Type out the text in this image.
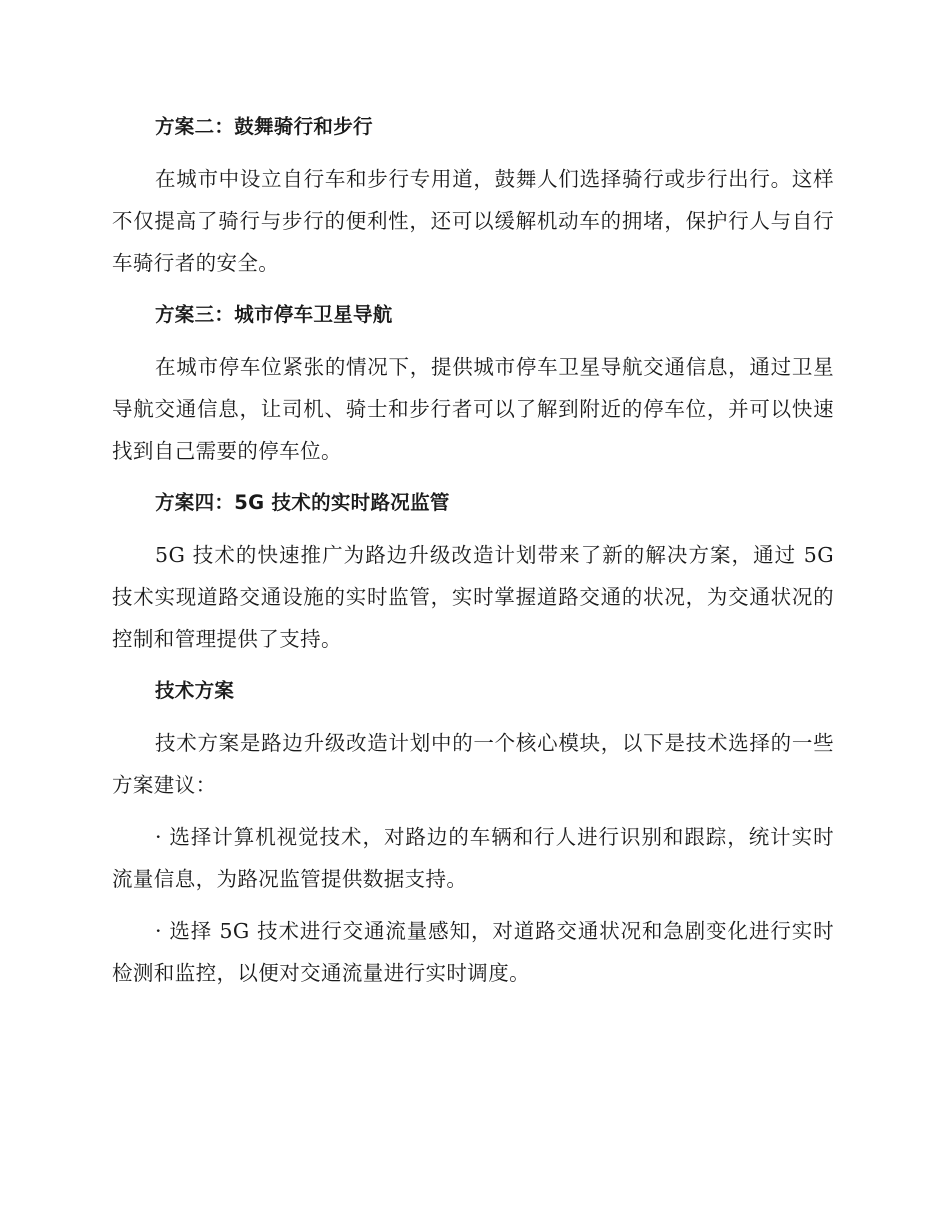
方案二：鼓舞骑行和步行
在城市中设立自行车和步行专用道，鼓舞人们选择骑行或步行出行。这样不仅提高了骑行与步行的便利性，还可以缓解机动车的拥堵，保护行人与自行车骑行者的安全。
方案三：城市停车卫星导航
在城市停车位紧张的情况下，提供城市停车卫星导航交通信息，通过卫星导航交通信息，让司机、骑士和步行者可以了解到附近的停车位，并可以快速找到自己需要的停车位。
方案四：5G 技术的实时路况监管
5G 技术的快速推广为路边升级改造计划带来了新的解决方案，通过 5G 技术实现道路交通设施的实时监管，实时掌握道路交通的状况，为交通状况的控制和管理提供了支持。
技术方案
技术方案是路边升级改造计划中的一个核心模块，以下是技术选择的一些方案建议：
· 选择计算机视觉技术，对路边的车辆和行人进行识别和跟踪，统计实时流量信息，为路况监管提供数据支持。
· 选择 5G 技术进行交通流量感知，对道路交通状况和急剧变化进行实时检测和监控，以便对交通流量进行实时调度。
